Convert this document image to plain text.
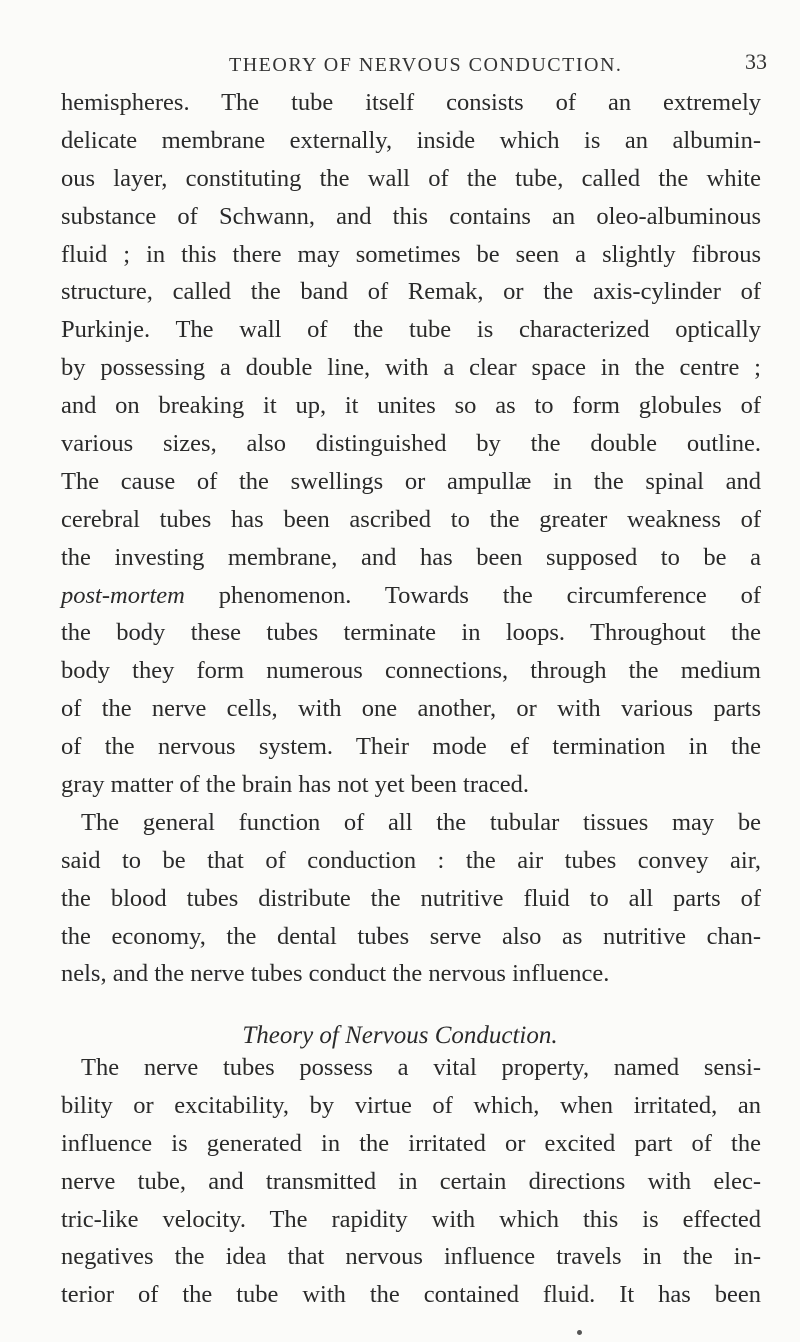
THEORY OF NERVOUS CONDUCTION.	33
hemispheres. The tube itself consists of an extremely
delicate membrane externally, inside which is an albumin-
ous layer, constituting the wall of the tube, called the white
substance of Schwann, and this contains an oleo-albuminous
fluid ; in this there may sometimes be seen a slightly fibrous
structure, called the band of Remak, or the axis-cylinder of
Purkinje. The wall of the tube is characterized optically
by possessing a double line, with a clear space in the centre ;
and on breaking it up, it unites so as to form globules of
various sizes, also distinguished by the double outline.
The cause of the swellings or ampullæ in the spinal and
cerebral tubes has been ascribed to the greater weakness of
the investing membrane, and has been supposed to be a
post-mortem phenomenon. Towards the circumference of
the body these tubes terminate in loops. Throughout the
body they form numerous connections, through the medium
of the nerve cells, with one another, or with various parts
of the nervous system. Their mode ef termination in the
gray matter of the brain has not yet been traced.
The general function of all the tubular tissues may be
said to be that of conduction : the air tubes convey air,
the blood tubes distribute the nutritive fluid to all parts of
the economy, the dental tubes serve also as nutritive chan-
nels, and the nerve tubes conduct the nervous influence.
Theory of Nervous Conduction.
The nerve tubes possess a vital property, named sensi-
bility or excitability, by virtue of which, when irritated, an
influence is generated in the irritated or excited part of the
nerve tube, and transmitted in certain directions with elec-
tric-like velocity. The rapidity with which this is effected
negatives the idea that nervous influence travels in the in-
terior of the tube with the contained fluid. It has been
